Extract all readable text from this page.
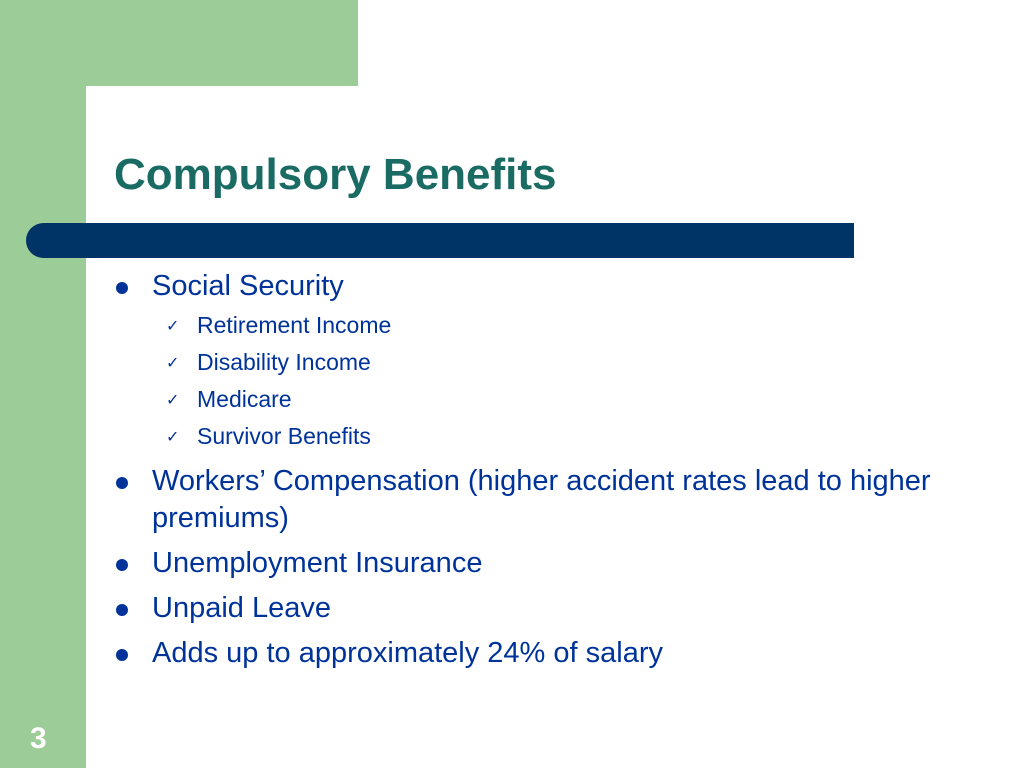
Compulsory Benefits
Social Security
✓ Retirement Income
✓ Disability Income
✓ Medicare
✓ Survivor Benefits
Workers’ Compensation (higher accident rates lead to higher premiums)
Unemployment Insurance
Unpaid Leave
Adds up to approximately 24% of salary
3
